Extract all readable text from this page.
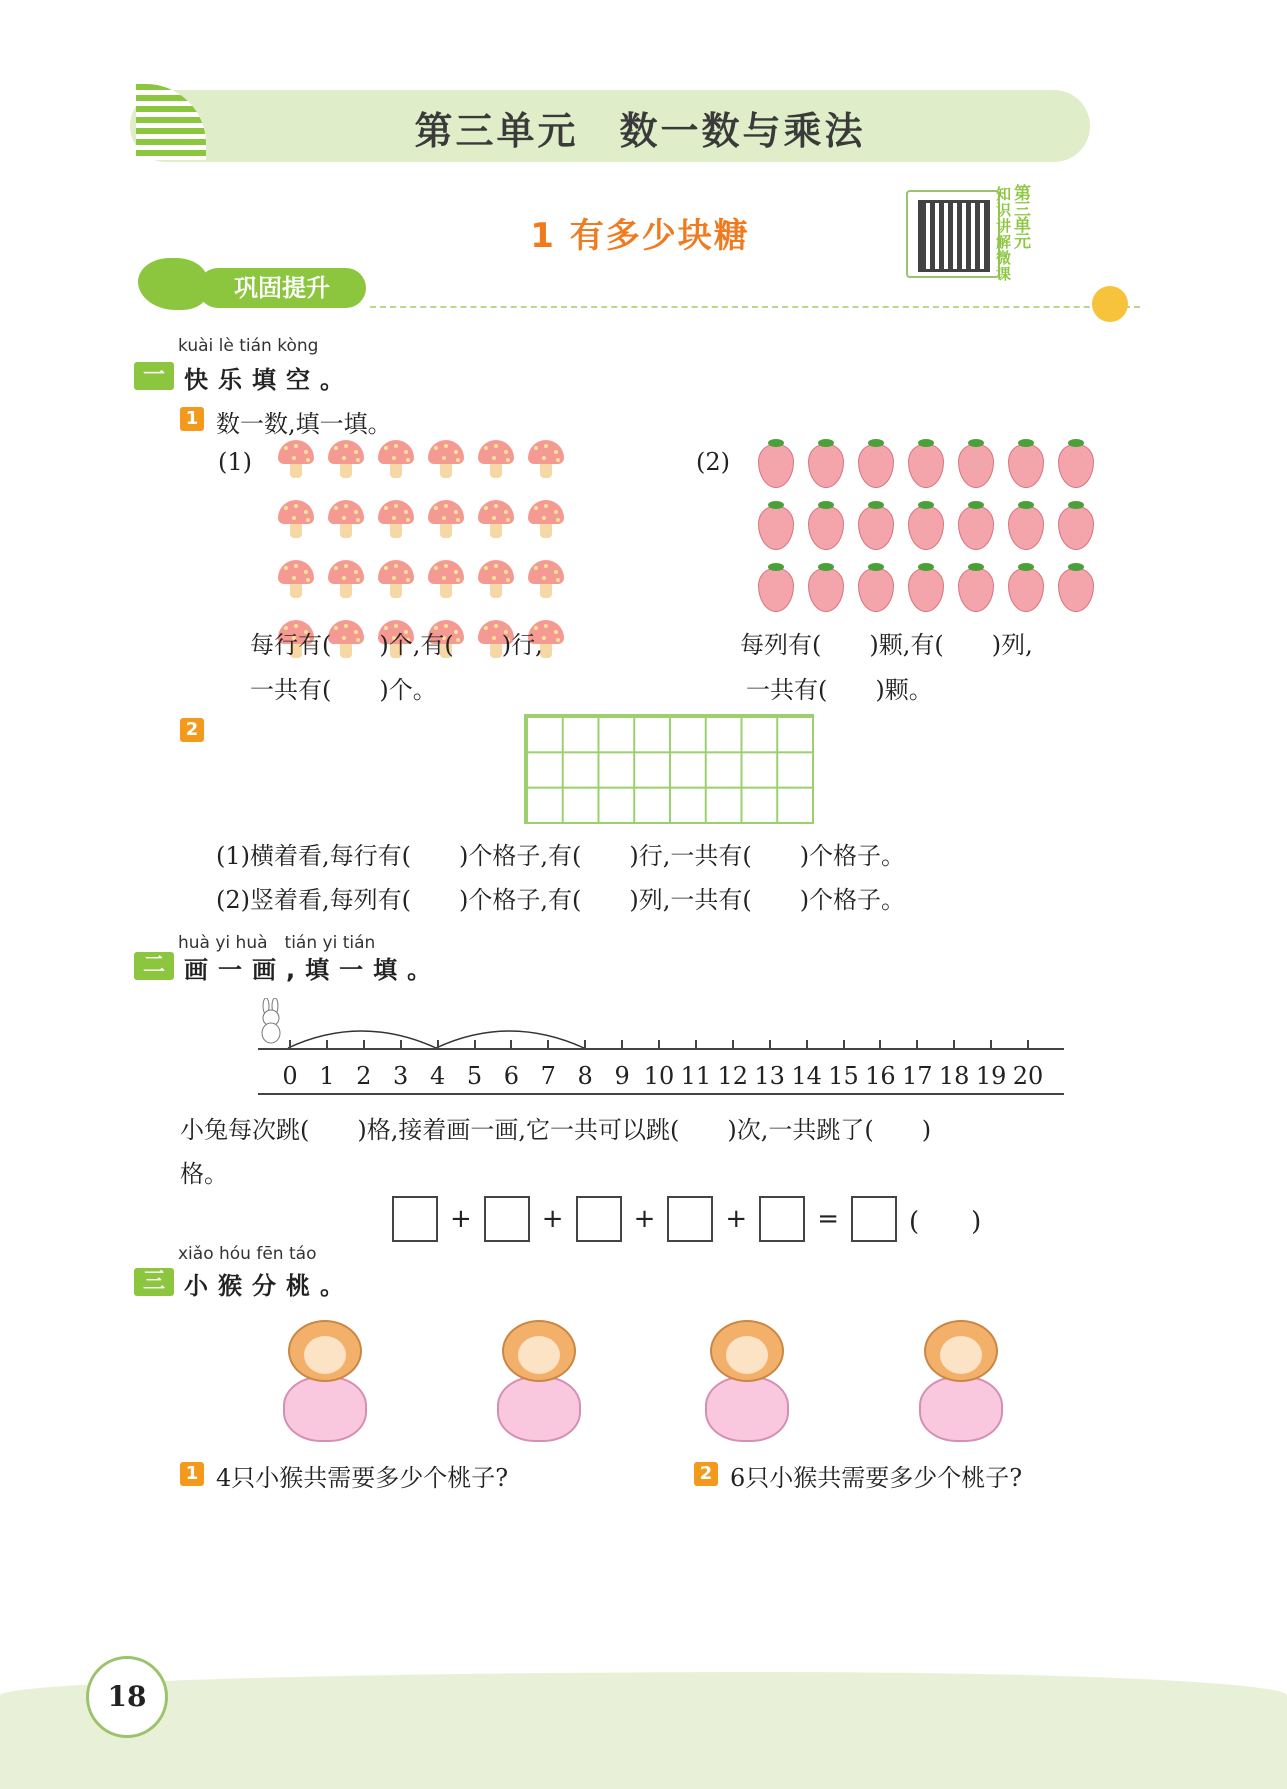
第三单元　数一数与乘法
1 有多少块糖
知识讲解微课
第三单元
巩固提升
kuài lè tián kòng
一 快乐填空。
1 数一数,填一填。
(1)	(2)
每行有(　　)个,有(　　)行,
一共有(　　)个。
每列有(　　)颗,有(　　)列,
一共有(　　)颗。
2
(1)横着看,每行有(　　)个格子,有(　　)行,一共有(　　)个格子。
(2)竖着看,每列有(　　)个格子,有(　　)列,一共有(　　)个格子。
huà yi huà　tián yi tián
二 画一画,填一填。
0 1 2 3 4 5 6 7 8 9 10 11 12 13 14 15 16 17 18 19 20
小兔每次跳(　　)格,接着画一画,它一共可以跳(　　)次,一共跳了(　　)
格。
+	+	+	+	=	(　　)
xiǎo hóu fēn táo
三 小猴分桃。
1 4只小猴共需要多少个桃子?	2 6只小猴共需要多少个桃子?
18
